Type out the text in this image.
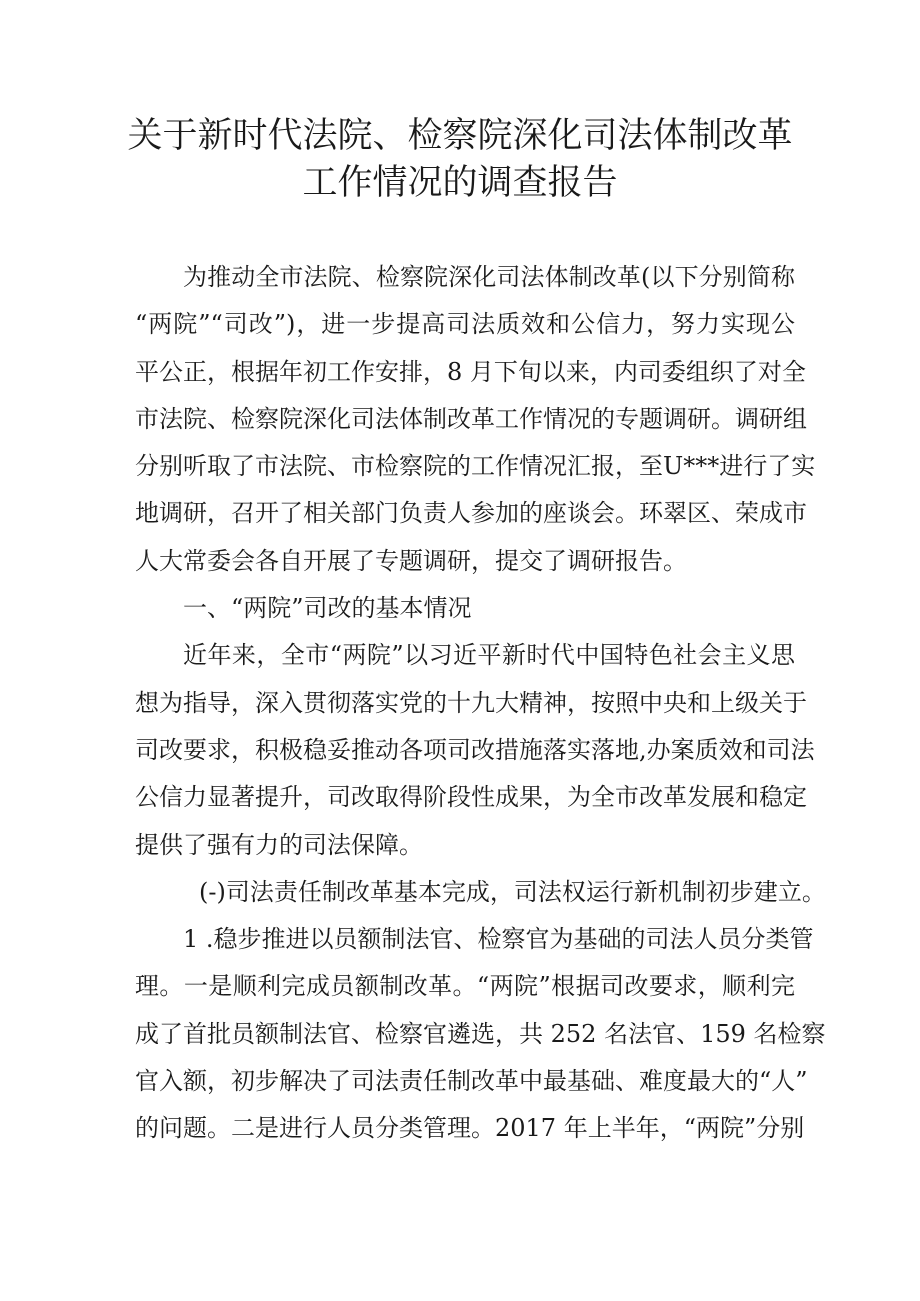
关于新时代法院、检察院深化司法体制改革
工作情况的调查报告
为推动全市法院、检察院深化司法体制改革(以下分别简称
“两院”“司改”)，进一步提高司法质效和公信力，努力实现公
平公正，根据年初工作安排，8 月下旬以来，内司委组织了对全
市法院、检察院深化司法体制改革工作情况的专题调研。调研组
分别听取了市法院、市检察院的工作情况汇报，至U***进行了实
地调研，召开了相关部门负责人参加的座谈会。环翠区、荣成市
人大常委会各自开展了专题调研，提交了调研报告。
一、“两院”司改的基本情况
近年来，全市“两院”以习近平新时代中国特色社会主义思
想为指导，深入贯彻落实党的十九大精神，按照中央和上级关于
司改要求，积极稳妥推动各项司改措施落实落地,办案质效和司法
公信力显著提升，司改取得阶段性成果，为全市改革发展和稳定
提供了强有力的司法保障。
(-)司法责任制改革基本完成，司法权运行新机制初步建立。
1 .稳步推进以员额制法官、检察官为基础的司法人员分类管
理。一是顺利完成员额制改革。“两院”根据司改要求，顺利完
成了首批员额制法官、检察官遴选，共 252 名法官、159 名检察
官入额，初步解决了司法责任制改革中最基础、难度最大的“人”
的问题。二是进行人员分类管理。2017 年上半年，“两院”分别
